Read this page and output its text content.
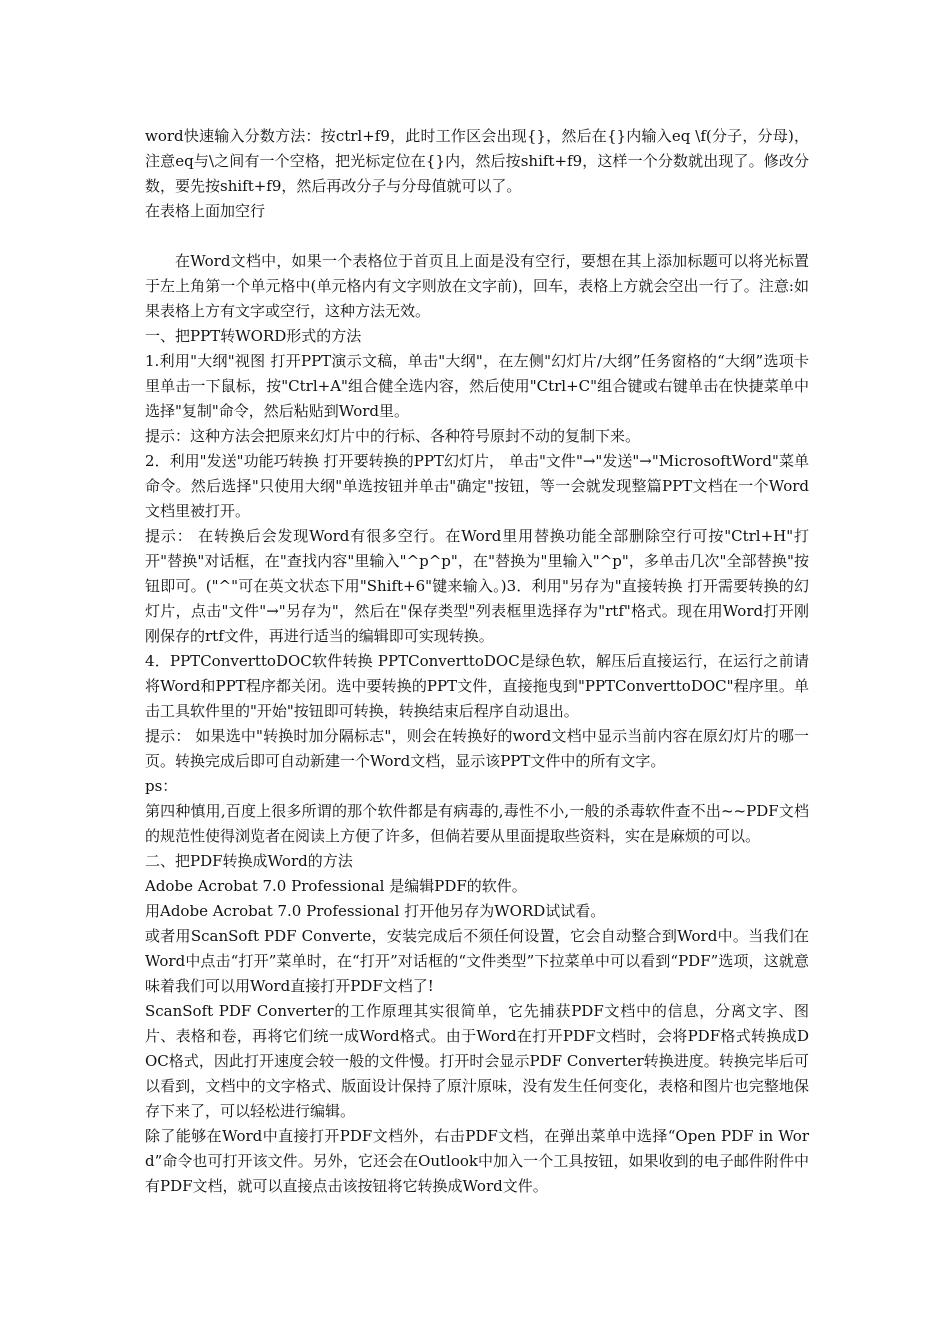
word快速输入分数方法：按ctrl+f9，此时工作区会出现{}，然后在{}内输入eq \f(分子，分母)，注意eq与\之间有一个空格，把光标定位在{}内，然后按shift+f9，这样一个分数就出现了。修改分数，要先按shift+f9，然后再改分子与分母值就可以了。

在表格上面加空行

在Word文档中，如果一个表格位于首页且上面是没有空行，要想在其上添加标题可以将光标置于左上角第一个单元格中(单元格内有文字则放在文字前)，回车，表格上方就会空出一行了。注意:如果表格上方有文字或空行，这种方法无效。

一、把PPT转WORD形式的方法

1.利用"大纲"视图 打开PPT演示文稿，单击"大纲"，在左侧"幻灯片/大纲”任务窗格的“大纲”选项卡里单击一下鼠标，按"Ctrl+A"组合健全选内容，然后使用"Ctrl+C"组合键或右键单击在快捷菜单中选择"复制"命令，然后粘贴到Word里。

提示：这种方法会把原来幻灯片中的行标、各种符号原封不动的复制下来。

2．利用"发送"功能巧转换 打开要转换的PPT幻灯片， 单击"文件"→"发送"→"MicrosoftWord"菜单命令。然后选择"只使用大纲"单选按钮并单击"确定"按钮，等一会就发现整篇PPT文档在一个Word文档里被打开。

提示： 在转换后会发现Word有很多空行。在Word里用替换功能全部删除空行可按"Ctrl+H"打开"替换"对话框，在"查找内容"里输入"^p^p"，在"替换为"里输入"^p"，多单击几次"全部替换"按钮即可。("^"可在英文状态下用"Shift+6"键来输入。)3．利用"另存为"直接转换 打开需要转换的幻灯片，点击"文件"→"另存为"，然后在"保存类型"列表框里选择存为"rtf"格式。现在用Word打开刚刚保存的rtf文件，再进行适当的编辑即可实现转换。

4．PPTConverttoDOC软件转换 PPTConverttoDOC是绿色软，解压后直接运行，在运行之前请将Word和PPT程序都关闭。选中要转换的PPT文件，直接拖曳到"PPTConverttoDOC"程序里。单击工具软件里的"开始"按钮即可转换，转换结束后程序自动退出。

提示： 如果选中"转换时加分隔标志"，则会在转换好的word文档中显示当前内容在原幻灯片的哪一页。转换完成后即可自动新建一个Word文档，显示该PPT文件中的所有文字。

ps：

第四种慎用,百度上很多所谓的那个软件都是有病毒的,毒性不小,一般的杀毒软件查不出~~PDF文档的规范性使得浏览者在阅读上方便了许多，但倘若要从里面提取些资料，实在是麻烦的可以。

二、把PDF转换成Word的方法

Adobe Acrobat 7.0 Professional 是编辑PDF的软件。

用Adobe Acrobat 7.0 Professional 打开他另存为WORD试试看。

或者用ScanSoft PDF Converte，安装完成后不须任何设置，它会自动整合到Word中。当我们在Word中点击“打开”菜单时，在“打开”对话框的“文件类型”下拉菜单中可以看到“PDF”选项，这就意味着我们可以用Word直接打开PDF文档了!

ScanSoft PDF Converter的工作原理其实很简单，它先捕获PDF文档中的信息，分离文字、图片、表格和卷，再将它们统一成Word格式。由于Word在打开PDF文档时，会将PDF格式转换成DOC格式，因此打开速度会较一般的文件慢。打开时会显示PDF Converter转换进度。转换完毕后可以看到，文档中的文字格式、版面设计保持了原汁原味，没有发生任何变化，表格和图片也完整地保存下来了，可以轻松进行编辑。

除了能够在Word中直接打开PDF文档外，右击PDF文档，在弹出菜单中选择“Open PDF in Word”命令也可打开该文件。另外，它还会在Outlook中加入一个工具按钮，如果收到的电子邮件附件中有PDF文档，就可以直接点击该按钮将它转换成Word文件。
